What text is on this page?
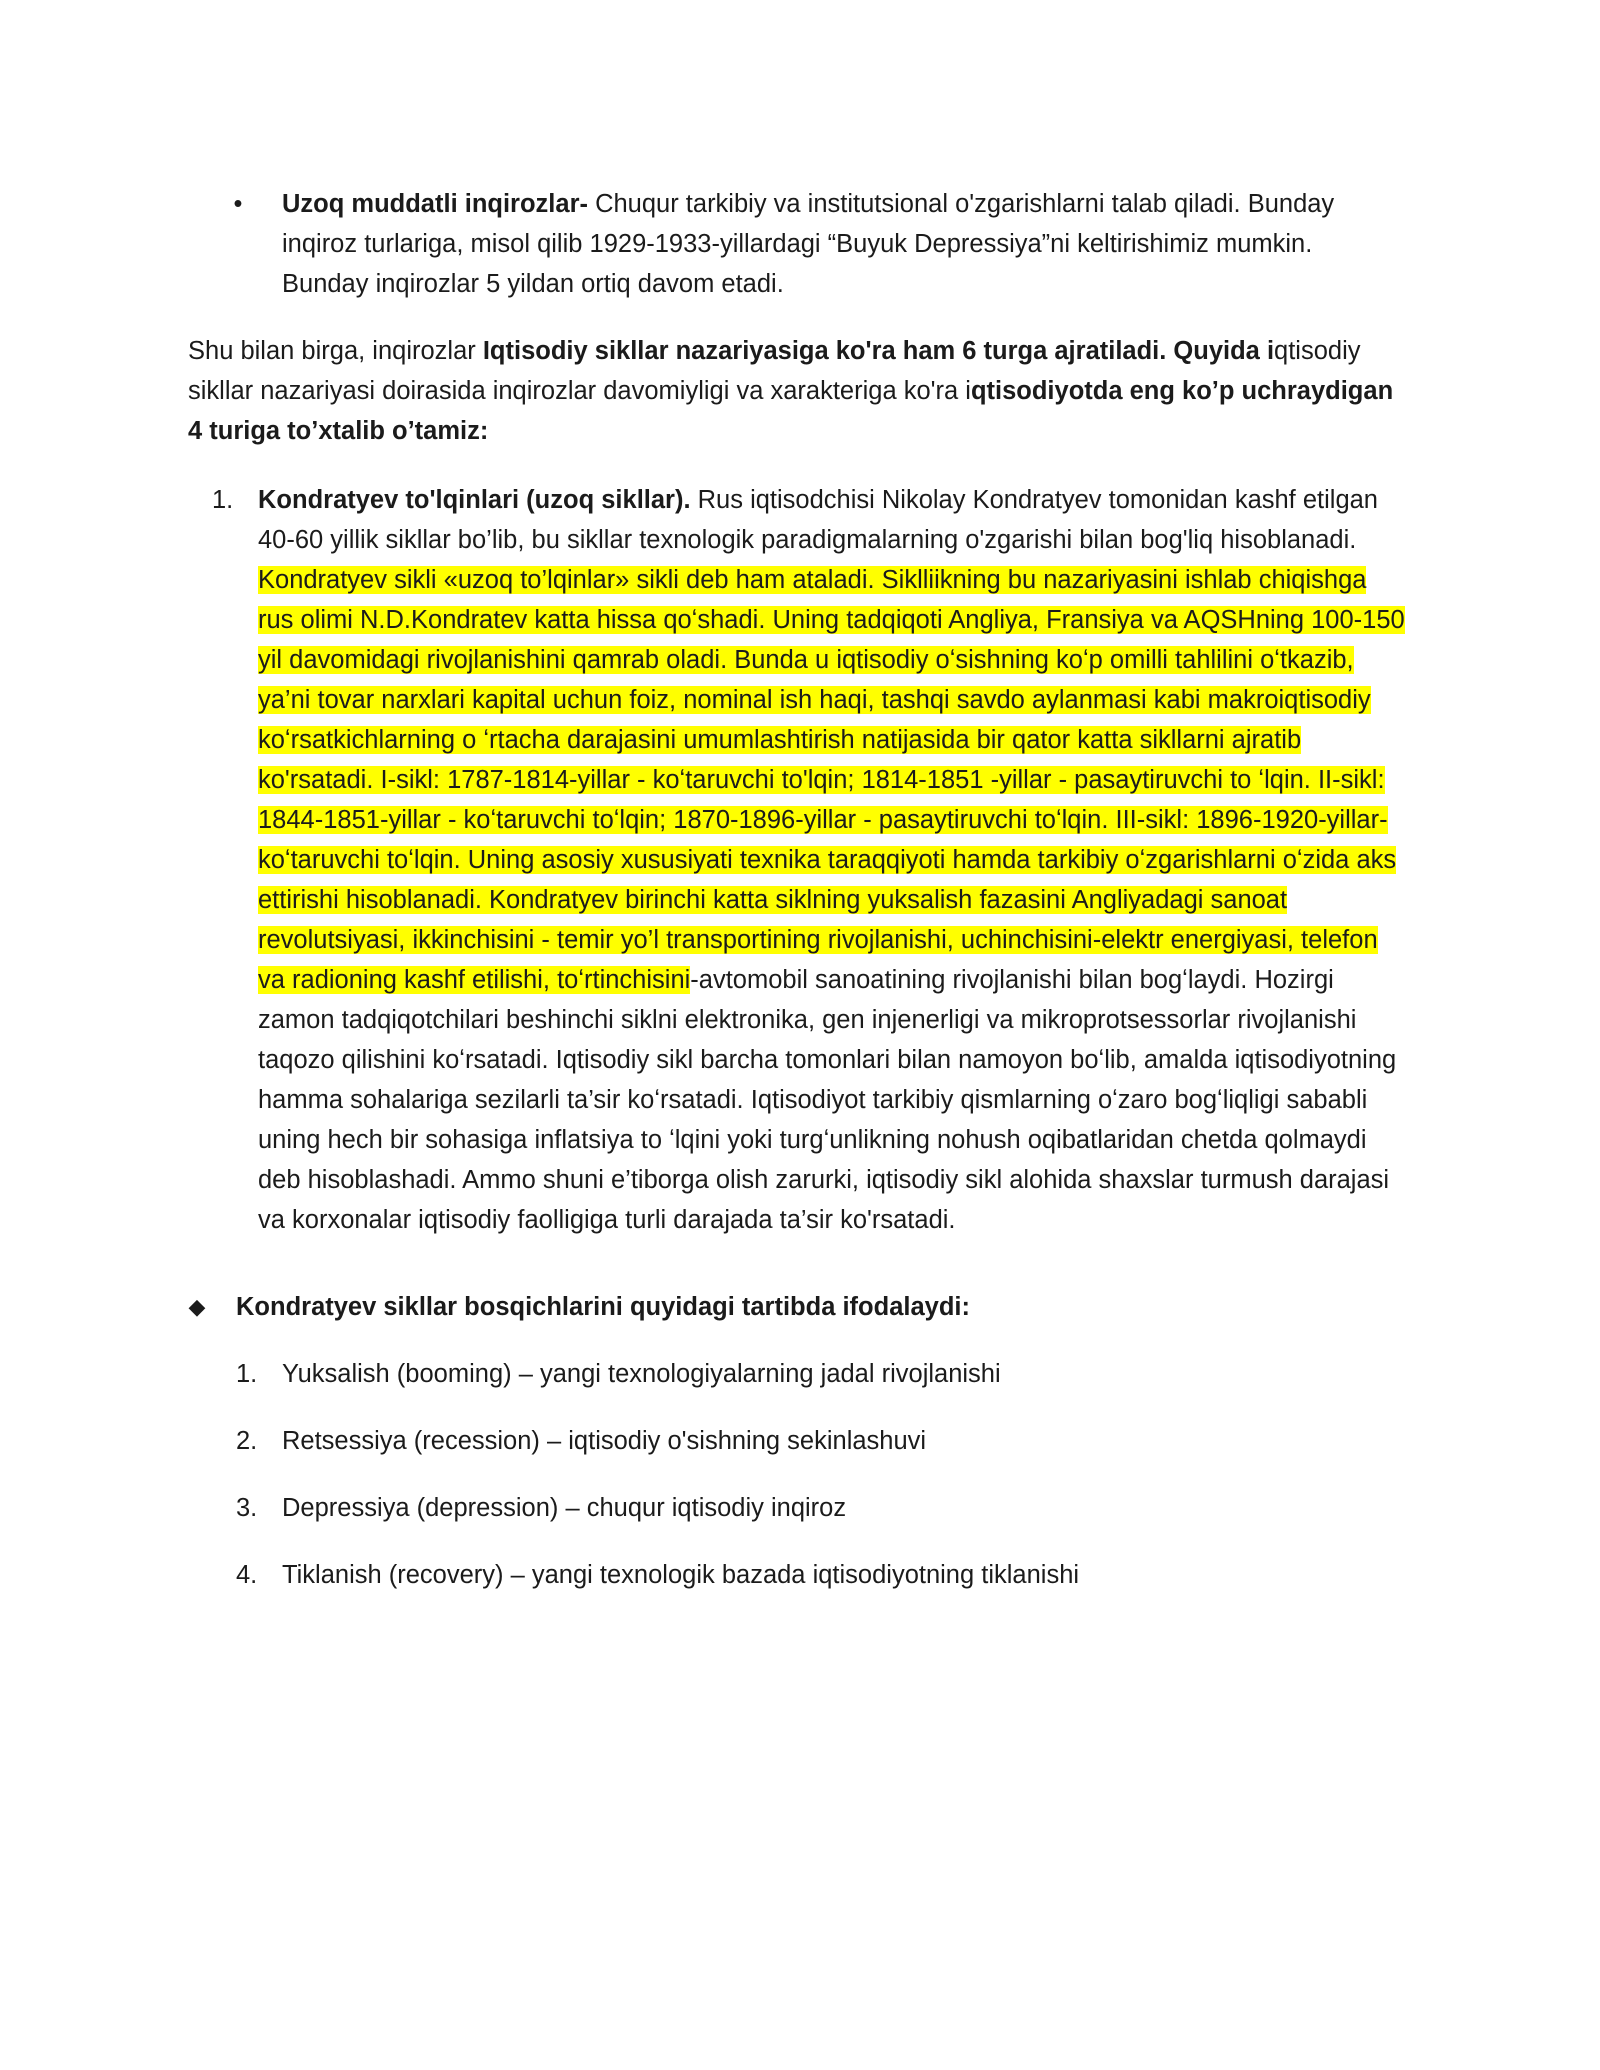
• Uzoq muddatli inqirozlar- Chuqur tarkibiy va institutsional o'zgarishlarni talab qiladi. Bunday inqiroz turlariga, misol qilib 1929-1933-yillardagi “Buyuk Depressiya”ni keltirishimiz mumkin. Bunday inqirozlar 5 yildan ortiq davom etadi.
Shu bilan birga, inqirozlar Iqtisodiy sikllar nazariyasiga ko'ra ham 6 turga ajratiladi. Quyida iqtisodiy sikllar nazariyasi doirasida inqirozlar davomiyligi va xarakteriga ko'ra iqtisodiyotda eng ko’p uchraydigan 4 turiga to’xtalib o’tamiz:
1. Kondratyev to'lqinlari (uzoq sikllar). Rus iqtisodchisi Nikolay Kondratyev tomonidan kashf etilgan 40-60 yillik sikllar bo’lib, bu sikllar texnologik paradigmalarning o'zgarishi bilan bog'liq hisoblanadi. Kondratyev sikli «uzoq to’lqinlar» sikli deb ham ataladi. Siklliikning bu nazariyasini ishlab chiqishga rus olimi N.D.Kondratev katta hissa qoʻshadi. Uning tadqiqoti Angliya, Fransiya va AQSHning 100-150 yil davomidagi rivojlanishini qamrab oladi. Bunda u iqtisodiy oʻsishning koʻp omilli tahlilini oʻtkazib, ya’ni tovar narxlari kapital uchun foiz, nominal ish haqi, tashqi savdo aylanmasi kabi makroiqtisodiy koʻrsatkichlarning o ʻrtacha darajasini umumlashtirish natijasida bir qator katta sikllarni ajratib ko'rsatadi. I-sikl: 1787-1814-yillar - koʻtaruvchi to'lqin; 1814-1851 -yillar - pasaytiruvchi to ʻlqin. II-sikl: 1844-1851-yillar - koʻtaruvchi toʻlqin; 1870-1896-yillar - pasaytiruvchi toʻlqin. III-sikl: 1896-1920-yillar-koʻtaruvchi toʻlqin. Uning asosiy xususiyati texnika taraqqiyoti hamda tarkibiy oʻzgarishlarni oʻzida aks ettirishi hisoblanadi. Kondratyev birinchi katta siklning yuksalish fazasini Angliyadagi sanoat revolutsiyasi, ikkinchisini - temir yo’l transportining rivojlanishi, uchinchisini-elektr energiyasi, telefon va radioning kashf etilishi, toʻrtinchisini-avtomobil sanoatining rivojlanishi bilan bogʻlaydi. Hozirgi zamon tadqiqotchilari beshinchi siklni elektronika, gen injenerligi va mikroprotsessorlar rivojlanishi taqozo qilishini koʻrsatadi. Iqtisodiy sikl barcha tomonlari bilan namoyon boʻlib, amalda iqtisodiyotning hamma sohalariga sezilarli ta’sir koʻrsatadi. Iqtisodiyot tarkibiy qismlarning oʻzaro bogʻliqligi sababli uning hech bir sohasiga inflatsiya to ʻlqini yoki turgʻunlikning nohush oqibatlaridan chetda qolmaydi deb hisoblashadi. Ammo shuni e’tiborga olish zarurki, iqtisodiy sikl alohida shaxslar turmush darajasi va korxonalar iqtisodiy faolligiga turli darajada ta’sir ko'rsatadi.
◆ Kondratyev sikllar bosqichlarini quyidagi tartibda ifodalaydi:
1. Yuksalish (booming) – yangi texnologiyalarning jadal rivojlanishi
2. Retsessiya (recession) – iqtisodiy o'sishning sekinlashuvi
3. Depressiya (depression) – chuqur iqtisodiy inqiroz
4. Tiklanish (recovery) – yangi texnologik bazada iqtisodiyotning tiklanishi
